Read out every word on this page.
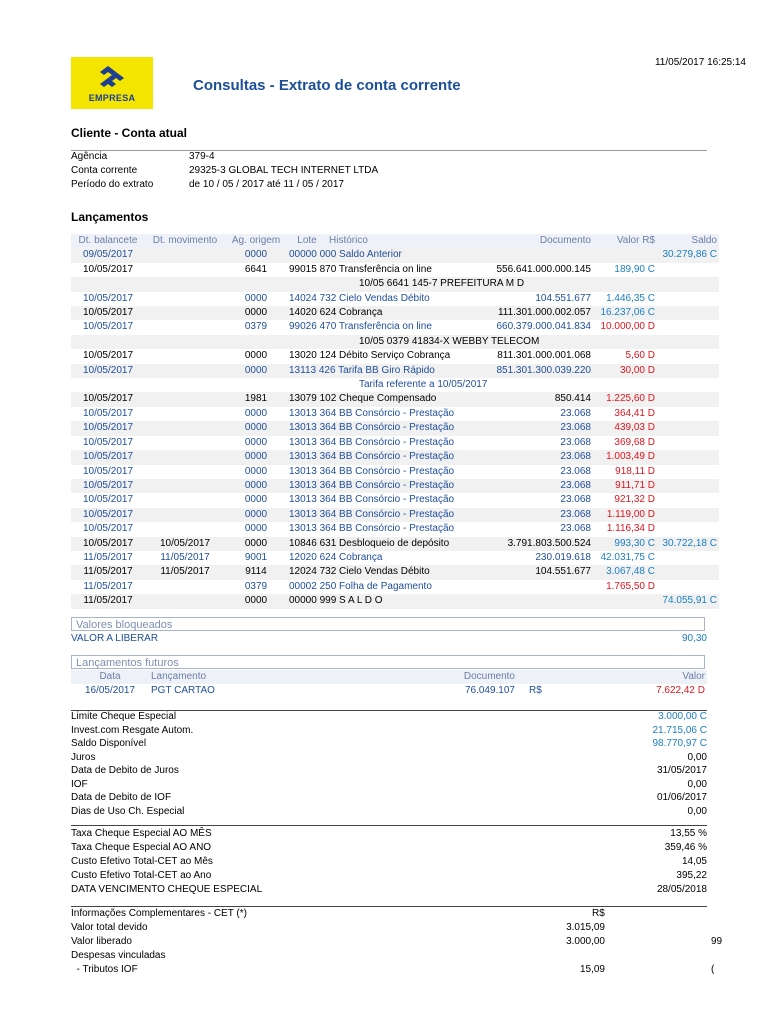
11/05/2017 16:25:14
EMPRESA
Consultas - Extrato de conta corrente
Cliente - Conta atual
Agência	379-4
Conta corrente	29325-3 GLOBAL TECH INTERNET LTDA
Período do extrato	de 10 / 05 / 2017 até 11 / 05 / 2017
Lançamentos
Dt. balancete	Dt. movimento	Ag. origem	Lote	Histórico	Documento	Valor R$	Saldo
09/05/2017		0000	00000 000 Saldo Anterior				30.279,86 C
10/05/2017		6641	99015 870 Transferência on line		556.641.000.000.145	189,90 C	
				10/05 6641 145-7 PREFEITURA M D			
10/05/2017		0000	14024 732 Cielo Vendas Débito		104.551.677	1.446,35 C	
10/05/2017		0000	14020 624 Cobrança		111.301.000.002.057	16.237,06 C	
10/05/2017		0379	99026 470 Transferência on line		660.379.000.041.834	10.000,00 D	
				10/05 0379 41834-X WEBBY TELECOM			
10/05/2017		0000	13020 124 Débito Serviço Cobrança		811.301.000.001.068	5,60 D	
10/05/2017		0000	13113 426 Tarifa BB Giro Rápido		851.301.300.039.220	30,00 D	
				Tarifa referente a 10/05/2017			
10/05/2017		1981	13079 102 Cheque Compensado		850.414	1.225,60 D	
10/05/2017		0000	13013 364 BB Consórcio - Prestação		23.068	364,41 D	
10/05/2017		0000	13013 364 BB Consórcio - Prestação		23.068	439,03 D	
10/05/2017		0000	13013 364 BB Consórcio - Prestação		23.068	369,68 D	
10/05/2017		0000	13013 364 BB Consórcio - Prestação		23.068	1.003,49 D	
10/05/2017		0000	13013 364 BB Consórcio - Prestação		23.068	918,11 D	
10/05/2017		0000	13013 364 BB Consórcio - Prestação		23.068	911,71 D	
10/05/2017		0000	13013 364 BB Consórcio - Prestação		23.068	921,32 D	
10/05/2017		0000	13013 364 BB Consórcio - Prestação		23.068	1.119,00 D	
10/05/2017		0000	13013 364 BB Consórcio - Prestação		23.068	1.116,34 D	
10/05/2017	10/05/2017	0000	10846 631 Desbloqueio de depósito		3.791.803.500.524	993,30 C	30.722,18 C
11/05/2017	11/05/2017	9001	12020 624 Cobrança		230.019.618	42.031,75 C	
11/05/2017	11/05/2017	9114	12024 732 Cielo Vendas Débito		104.551.677	3.067,48 C	
11/05/2017		0379	00002 250 Folha de Pagamento			1.765,50 D	
11/05/2017		0000	00000 999 S A L D O				74.055,91 C
Valores bloqueados
VALOR A LIBERAR	90,30
Lançamentos futuros
Data	Lançamento	Documento		Valor
16/05/2017	PGT CARTAO	76.049.107	R$	7.622,42 D
Limite Cheque Especial	3.000,00 C
Invest.com Resgate Autom.	21.715,06 C
Saldo Disponível	98.770,97 C
Juros	0,00
Data de Debito de Juros	31/05/2017
IOF	0,00
Data de Debito de IOF	01/06/2017
Dias de Uso Ch. Especial	0,00
Taxa Cheque Especial AO MÊS	13,55 %
Taxa Cheque Especial AO ANO	359,46 %
Custo Efetivo Total-CET ao Mês	14,05
Custo Efetivo Total-CET ao Ano	395,22
DATA VENCIMENTO CHEQUE ESPECIAL	28/05/2018
Informações Complementares - CET (*)	R$
Valor total devido	3.015,09
Valor liberado	3.000,00	99
Despesas vinculadas
- Tributos IOF	15,09	(
